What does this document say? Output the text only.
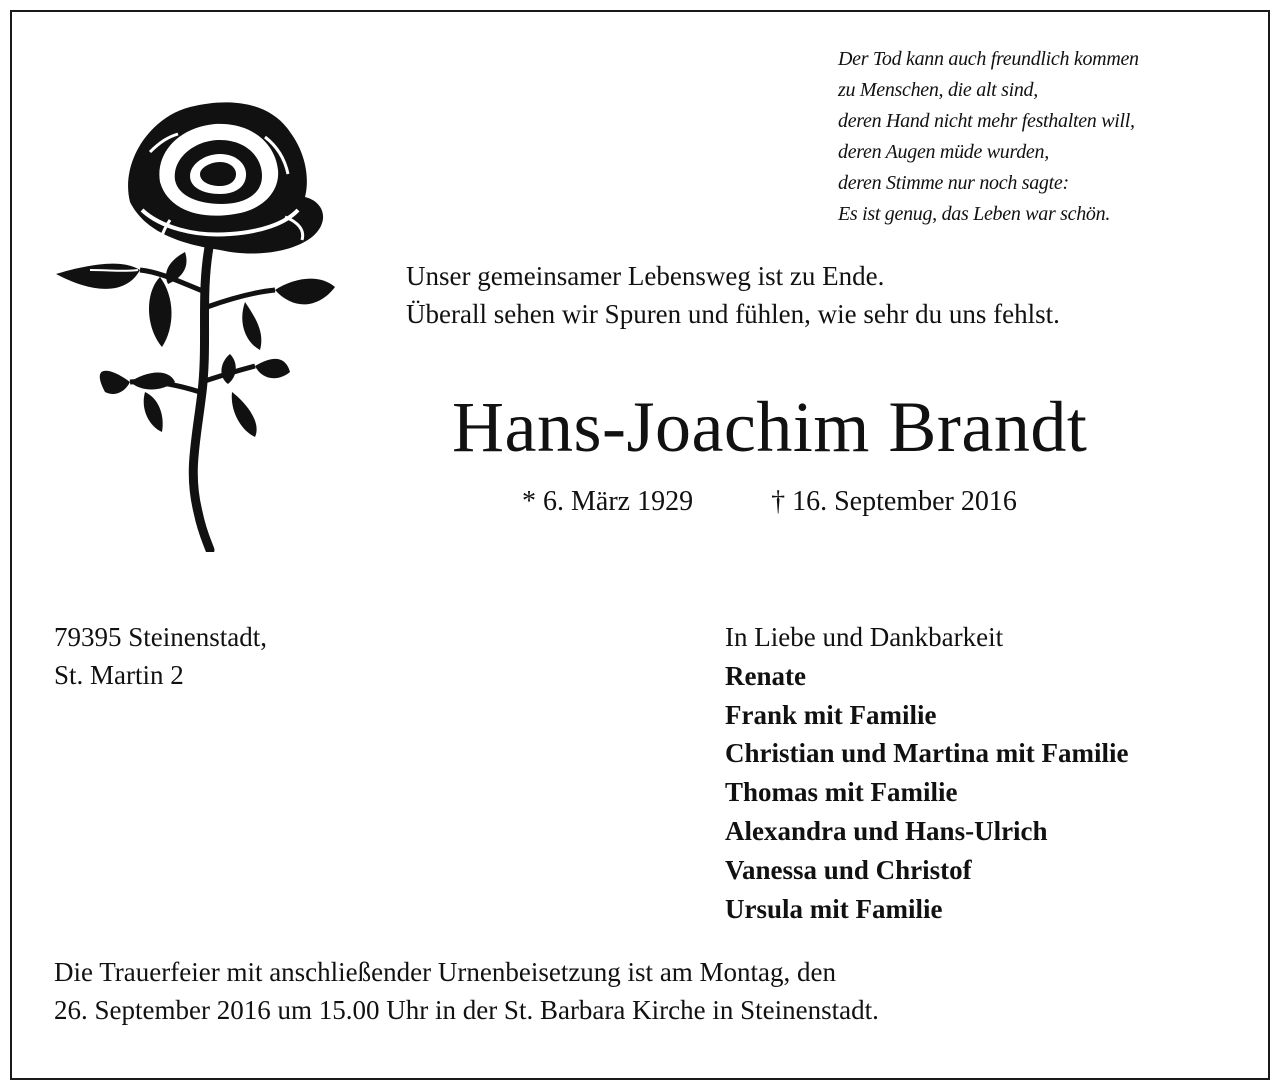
Der Tod kann auch freundlich kommen
zu Menschen, die alt sind,
deren Hand nicht mehr festhalten will,
deren Augen müde wurden,
deren Stimme nur noch sagte:
Es ist genug, das Leben war schön.
Unser gemeinsamer Lebensweg ist zu Ende.
Überall sehen wir Spuren und fühlen, wie sehr du uns fehlst.
Hans-Joachim Brandt
* 6. März 1929	† 16. September 2016
79395 Steinenstadt,
St. Martin 2
In Liebe und Dankbarkeit
Renate
Frank mit Familie
Christian und Martina mit Familie
Thomas mit Familie
Alexandra und Hans-Ulrich
Vanessa und Christof
Ursula mit Familie
Die Trauerfeier mit anschließender Urnenbeisetzung ist am Montag, den
26. September 2016 um 15.00 Uhr in der St. Barbara Kirche in Steinenstadt.
